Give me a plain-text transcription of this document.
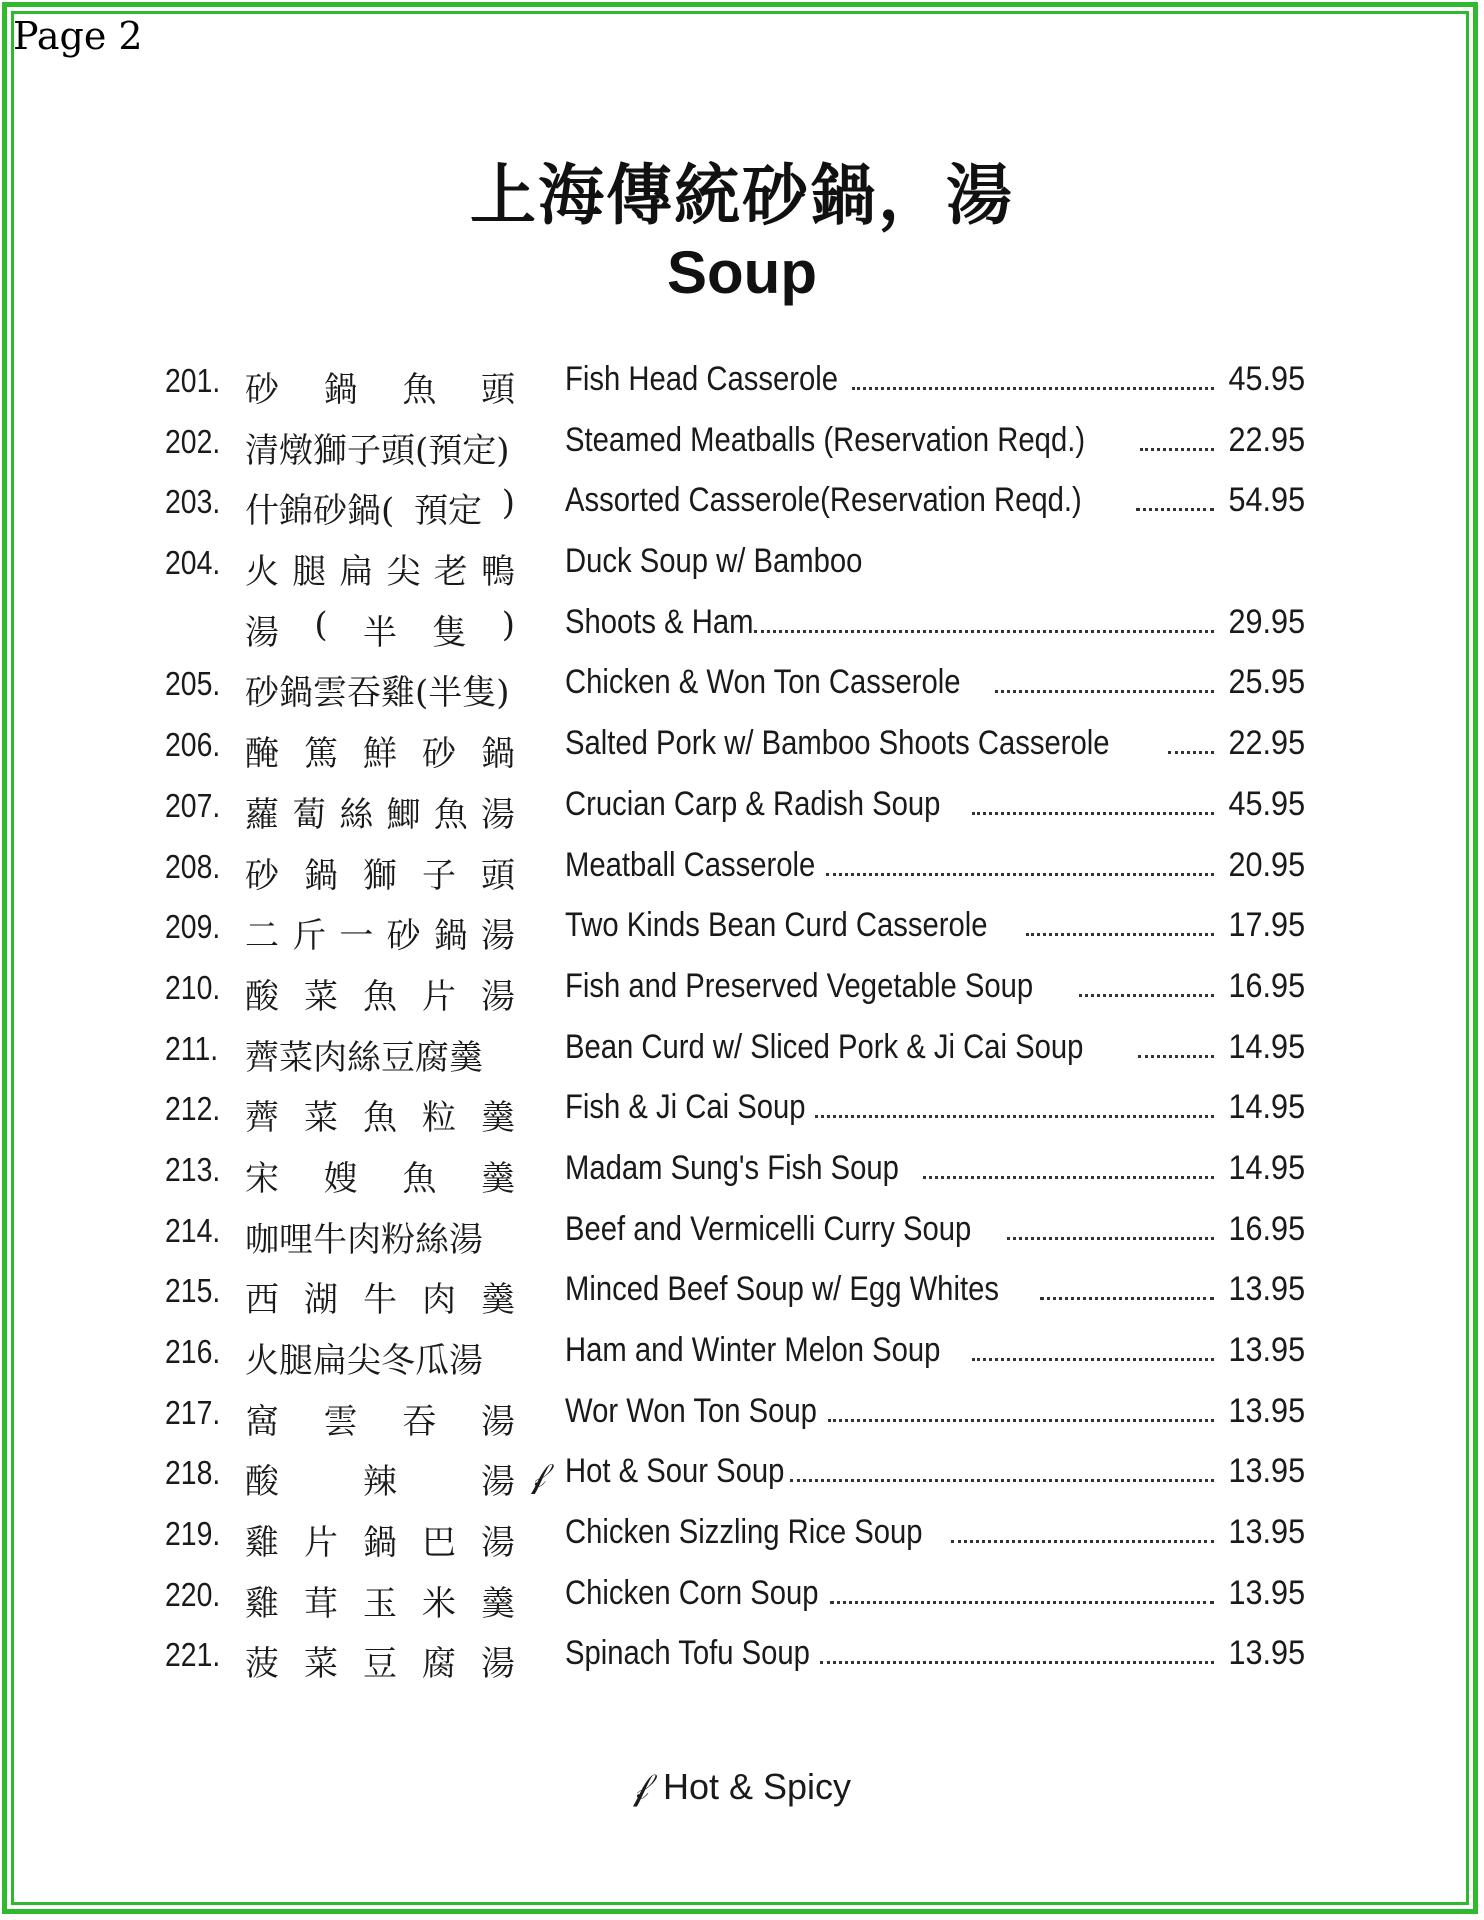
Page 2
上海傳統砂鍋，湯
Soup
201. 砂 鍋 魚 頭 Fish Head Casserole	45.95
202. 清燉獅子頭(預定) Steamed Meatballs (Reservation Reqd.)	22.95
203. 什錦砂鍋( 預定 ) Assorted Casserole(Reservation Reqd.)	54.95
204. 火 腿 扁 尖 老 鴨 Duck Soup w/ Bamboo
湯 ( 半 隻 ) Shoots & Ham	29.95
205. 砂鍋雲吞雞(半隻) Chicken & Won Ton Casserole	25.95
206. 醃 篤 鮮 砂 鍋 Salted Pork w/ Bamboo Shoots Casserole	22.95
207. 蘿 蔔 絲 鯽 魚 湯 Crucian Carp & Radish Soup	45.95
208. 砂 鍋 獅 子 頭 Meatball Casserole	20.95
209. 二 斤 一 砂 鍋 湯 Two Kinds Bean Curd Casserole	17.95
210. 酸 菜 魚 片 湯 Fish and Preserved Vegetable Soup	16.95
211. 薺菜肉絲豆腐羹 Bean Curd w/ Sliced Pork & Ji Cai Soup	14.95
212. 薺 菜 魚 粒 羹 Fish & Ji Cai Soup	14.95
213. 宋 嫂 魚 羹 Madam Sung's Fish Soup	14.95
214. 咖哩牛肉粉絲湯 Beef and Vermicelli Curry Soup	16.95
215. 西 湖 牛 肉 羹 Minced Beef Soup w/ Egg Whites	13.95
216. 火腿扁尖冬瓜湯 Ham and Winter Melon Soup	13.95
217. 窩 雲 吞 湯 Wor Won Ton Soup	13.95
218. 酸 辣 湯 𝒻 Hot & Sour Soup	13.95
219. 雞 片 鍋 巴 湯 Chicken Sizzling Rice Soup	13.95
220. 雞 茸 玉 米 羹 Chicken Corn Soup	13.95
221. 菠 菜 豆 腐 湯 Spinach Tofu Soup	13.95
𝒻 Hot & Spicy
